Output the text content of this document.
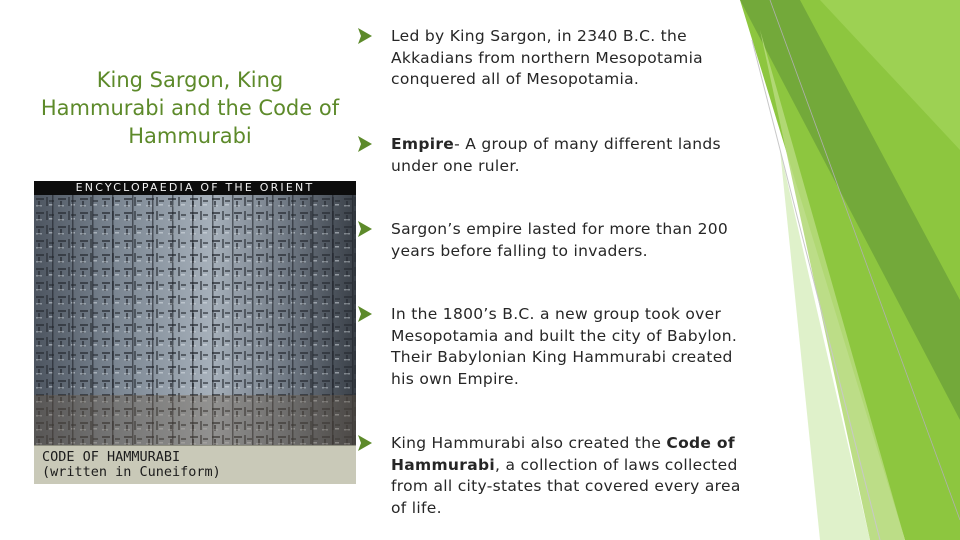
King Sargon, King Hammurabi and the Code of Hammurabi
ENCYCLOPAEDIA OF THE ORIENT
CODE OF HAMMURABI
(written in Cuneiform)
Led by King Sargon, in 2340 B.C. the Akkadians from northern Mesopotamia conquered all of Mesopotamia.
Empire- A group of many different lands under one ruler.
Sargon’s empire lasted for more than 200 years before falling to invaders.
In the 1800’s B.C. a new group took over Mesopotamia and built the city of Babylon. Their Babylonian King Hammurabi created his own Empire.
King Hammurabi also created the Code of Hammurabi, a collection of laws collected from all city-states that covered every area of life.
